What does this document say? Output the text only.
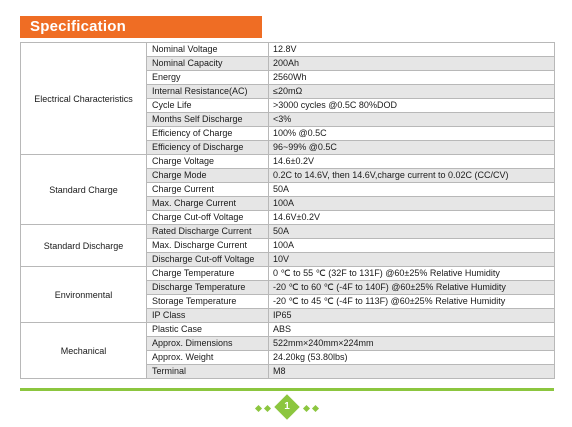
Specification
Electrical Characteristics	Nominal Voltage	12.8V
	Nominal Capacity	200Ah
	Energy	2560Wh
	Internal Resistance(AC)	≤20mΩ
	Cycle Life	>3000 cycles @0.5C 80%DOD
	Months Self Discharge	<3%
	Efficiency of Charge	100% @0.5C
	Efficiency of Discharge	96~99% @0.5C
Standard Charge	Charge Voltage	14.6±0.2V
	Charge Mode	0.2C to 14.6V, then 14.6V,charge current to 0.02C (CC/CV)
	Charge Current	50A
	Max. Charge Current	100A
	Charge Cut-off Voltage	14.6V±0.2V
Standard Discharge	Rated Discharge Current	50A
	Max. Discharge Current	100A
	Discharge Cut-off Voltage	10V
Environmental	Charge Temperature	0 ℃ to 55 ℃ (32F to 131F) @60±25% Relative Humidity
	Discharge Temperature	-20 ℃ to 60 ℃ (-4F to 140F) @60±25% Relative Humidity
	Storage Temperature	-20 ℃ to 45 ℃ (-4F to 113F) @60±25% Relative Humidity
	IP Class	IP65
Mechanical	Plastic Case	ABS
	Approx. Dimensions	522mm×240mm×224mm
	Approx. Weight	24.20kg (53.80lbs)
	Terminal	M8
1
